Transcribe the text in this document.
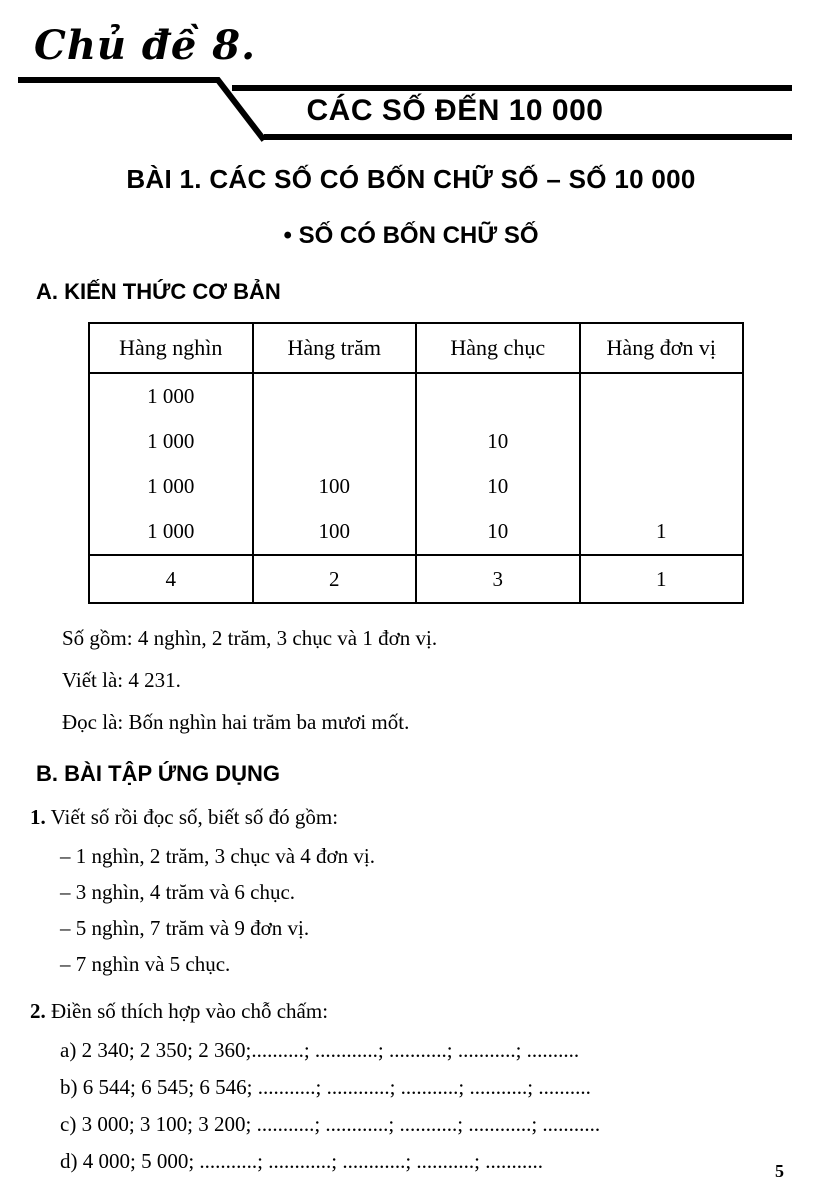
Chủ đề 8.
CÁC SỐ ĐẾN 10 000
BÀI 1. CÁC SỐ CÓ BỐN CHỮ SỐ – SỐ 10 000
• SỐ CÓ BỐN CHỮ SỐ
A. KIẾN THỨC CƠ BẢN
Hàng nghìn	Hàng trăm	Hàng chục	Hàng đơn vị
1 000			
1 000		10	
1 000	100	10	
1 000	100	10	1
4	2	3	1
Số gồm: 4 nghìn, 2 trăm, 3 chục và 1 đơn vị.
Viết là: 4 231.
Đọc là: Bốn nghìn hai trăm ba mươi mốt.
B. BÀI TẬP ỨNG DỤNG
1. Viết số rồi đọc số, biết số đó gồm:
– 1 nghìn, 2 trăm, 3 chục và 4 đơn vị.
– 3 nghìn, 4 trăm và 6 chục.
– 5 nghìn, 7 trăm và 9 đơn vị.
– 7 nghìn và 5 chục.
2. Điền số thích hợp vào chỗ chấm:
a) 2 340; 2 350; 2 360;..........; ............; ...........; ...........; ..........
b) 6 544; 6 545; 6 546; ...........; ............; ...........; ...........; ..........
c) 3 000; 3 100; 3 200; ...........; ............; ...........; ............; ...........
d) 4 000; 5 000; ...........; ............; ............; ...........; ...........	5
